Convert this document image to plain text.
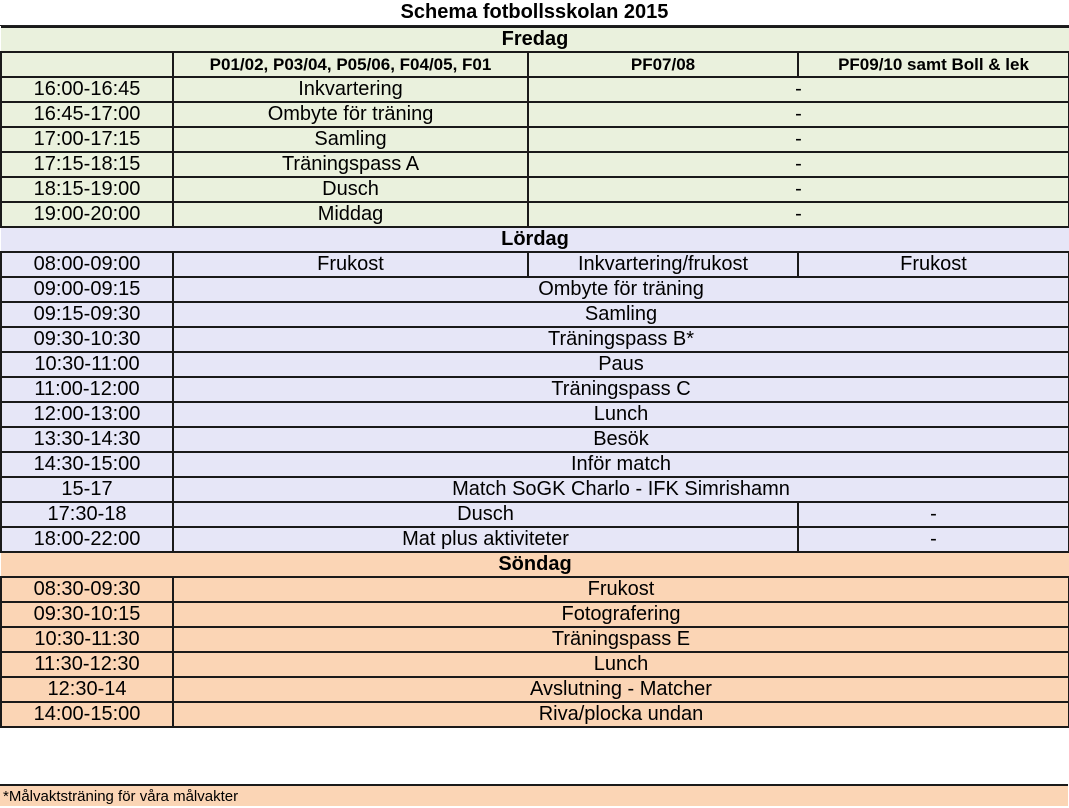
Schema fotbollsskolan 2015
Fredag			
	P01/02, P03/04, P05/06, F04/05, F01	PF07/08	PF09/10 samt Boll & lek
16:00-16:45	Inkvartering	-	
16:45-17:00	Ombyte för träning	-	
17:00-17:15	Samling	-	
17:15-18:15	Träningspass A	-	
18:15-19:00	Dusch	-	
19:00-20:00	Middag	-	
Lördag			
08:00-09:00	Frukost	Inkvartering/frukost	Frukost
09:00-09:15	Ombyte för träning		
09:15-09:30	Samling		
09:30-10:30	Träningspass B*		
10:30-11:00	Paus		
11:00-12:00	Träningspass C		
12:00-13:00	Lunch		
13:30-14:30	Besök		
14:30-15:00	Inför match		
15-17	Match SoGK Charlo - IFK Simrishamn		
17:30-18	Dusch		-
18:00-22:00	Mat plus aktiviteter		-
Söndag			
08:30-09:30	Frukost		
09:30-10:15	Fotografering		
10:30-11:30	Träningspass E		
11:30-12:30	Lunch		
12:30-14	Avslutning - Matcher		
14:00-15:00	Riva/plocka undan		
*Målvaktsträning för våra målvakter
